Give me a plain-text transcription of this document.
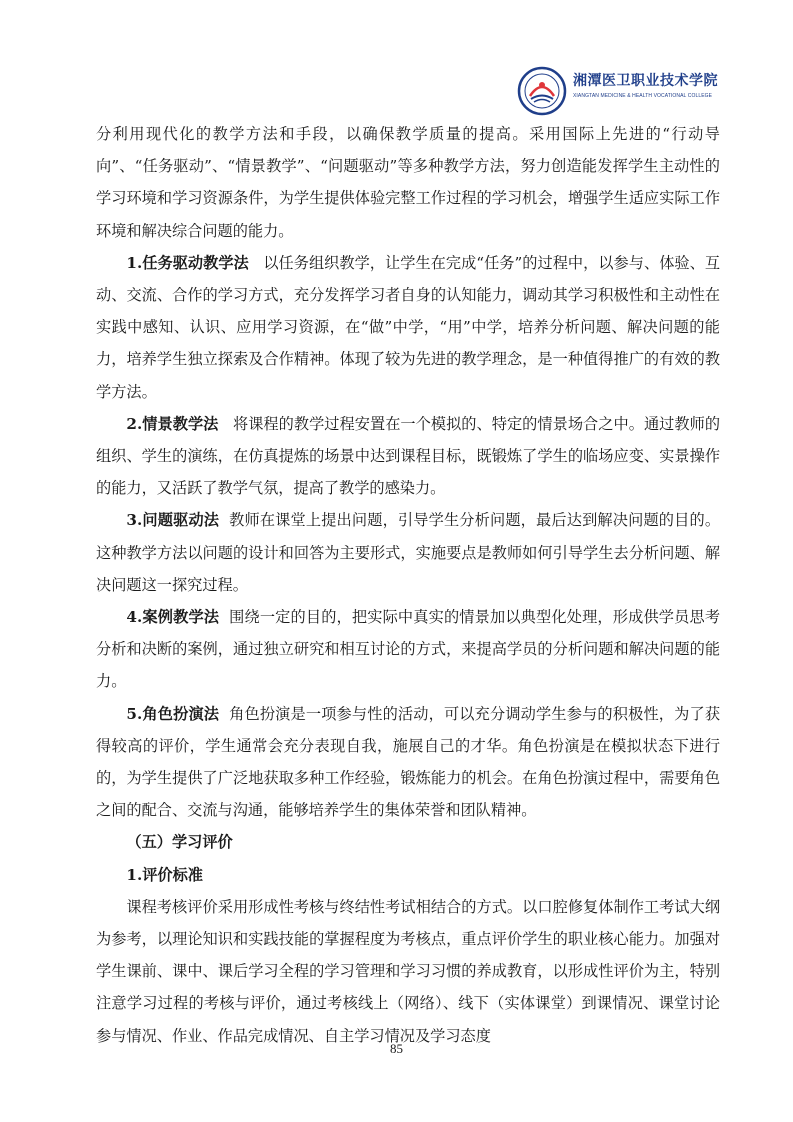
湘潭医卫职业技术学院
XIANGTAN MEDICINE & HEALTH VOCATIONAL COLLEGE

分利用现代化的教学方法和手段，以确保教学质量的提高。采用国际上先进的“行动导向”、“任务驱动”、“情景教学”、“问题驱动”等多种教学方法，努力创造能发挥学生主动性的学习环境和学习资源条件，为学生提供体验完整工作过程的学习机会，增强学生适应实际工作环境和解决综合问题的能力。

1.任务驱动教学法 以任务组织教学，让学生在完成“任务”的过程中，以参与、体验、互动、交流、合作的学习方式，充分发挥学习者自身的认知能力，调动其学习积极性和主动性在实践中感知、认识、应用学习资源，在“做”中学，“用”中学，培养分析问题、解决问题的能力，培养学生独立探索及合作精神。体现了较为先进的教学理念，是一种值得推广的有效的教学方法。

2.情景教学法 将课程的教学过程安置在一个模拟的、特定的情景场合之中。通过教师的组织、学生的演练，在仿真提炼的场景中达到课程目标，既锻炼了学生的临场应变、实景操作的能力，又活跃了教学气氛，提高了教学的感染力。

3.问题驱动法 教师在课堂上提出问题，引导学生分析问题，最后达到解决问题的目的。这种教学方法以问题的设计和回答为主要形式，实施要点是教师如何引导学生去分析问题、解决问题这一探究过程。

4.案例教学法 围绕一定的目的，把实际中真实的情景加以典型化处理，形成供学员思考分析和决断的案例，通过独立研究和相互讨论的方式，来提高学员的分析问题和解决问题的能力。

5.角色扮演法 角色扮演是一项参与性的活动，可以充分调动学生参与的积极性，为了获得较高的评价，学生通常会充分表现自我，施展自己的才华。角色扮演是在模拟状态下进行的，为学生提供了广泛地获取多种工作经验，锻炼能力的机会。在角色扮演过程中，需要角色之间的配合、交流与沟通，能够培养学生的集体荣誉和团队精神。

（五）学习评价

1.评价标准

课程考核评价采用形成性考核与终结性考试相结合的方式。以口腔修复体制作工考试大纲为参考，以理论知识和实践技能的掌握程度为考核点，重点评价学生的职业核心能力。加强对学生课前、课中、课后学习全程的学习管理和学习习惯的养成教育，以形成性评价为主，特别注意学习过程的考核与评价，通过考核线上（网络）、线下（实体课堂）到课情况、课堂讨论参与情况、作业、作品完成情况、自主学习情况及学习态度

85
